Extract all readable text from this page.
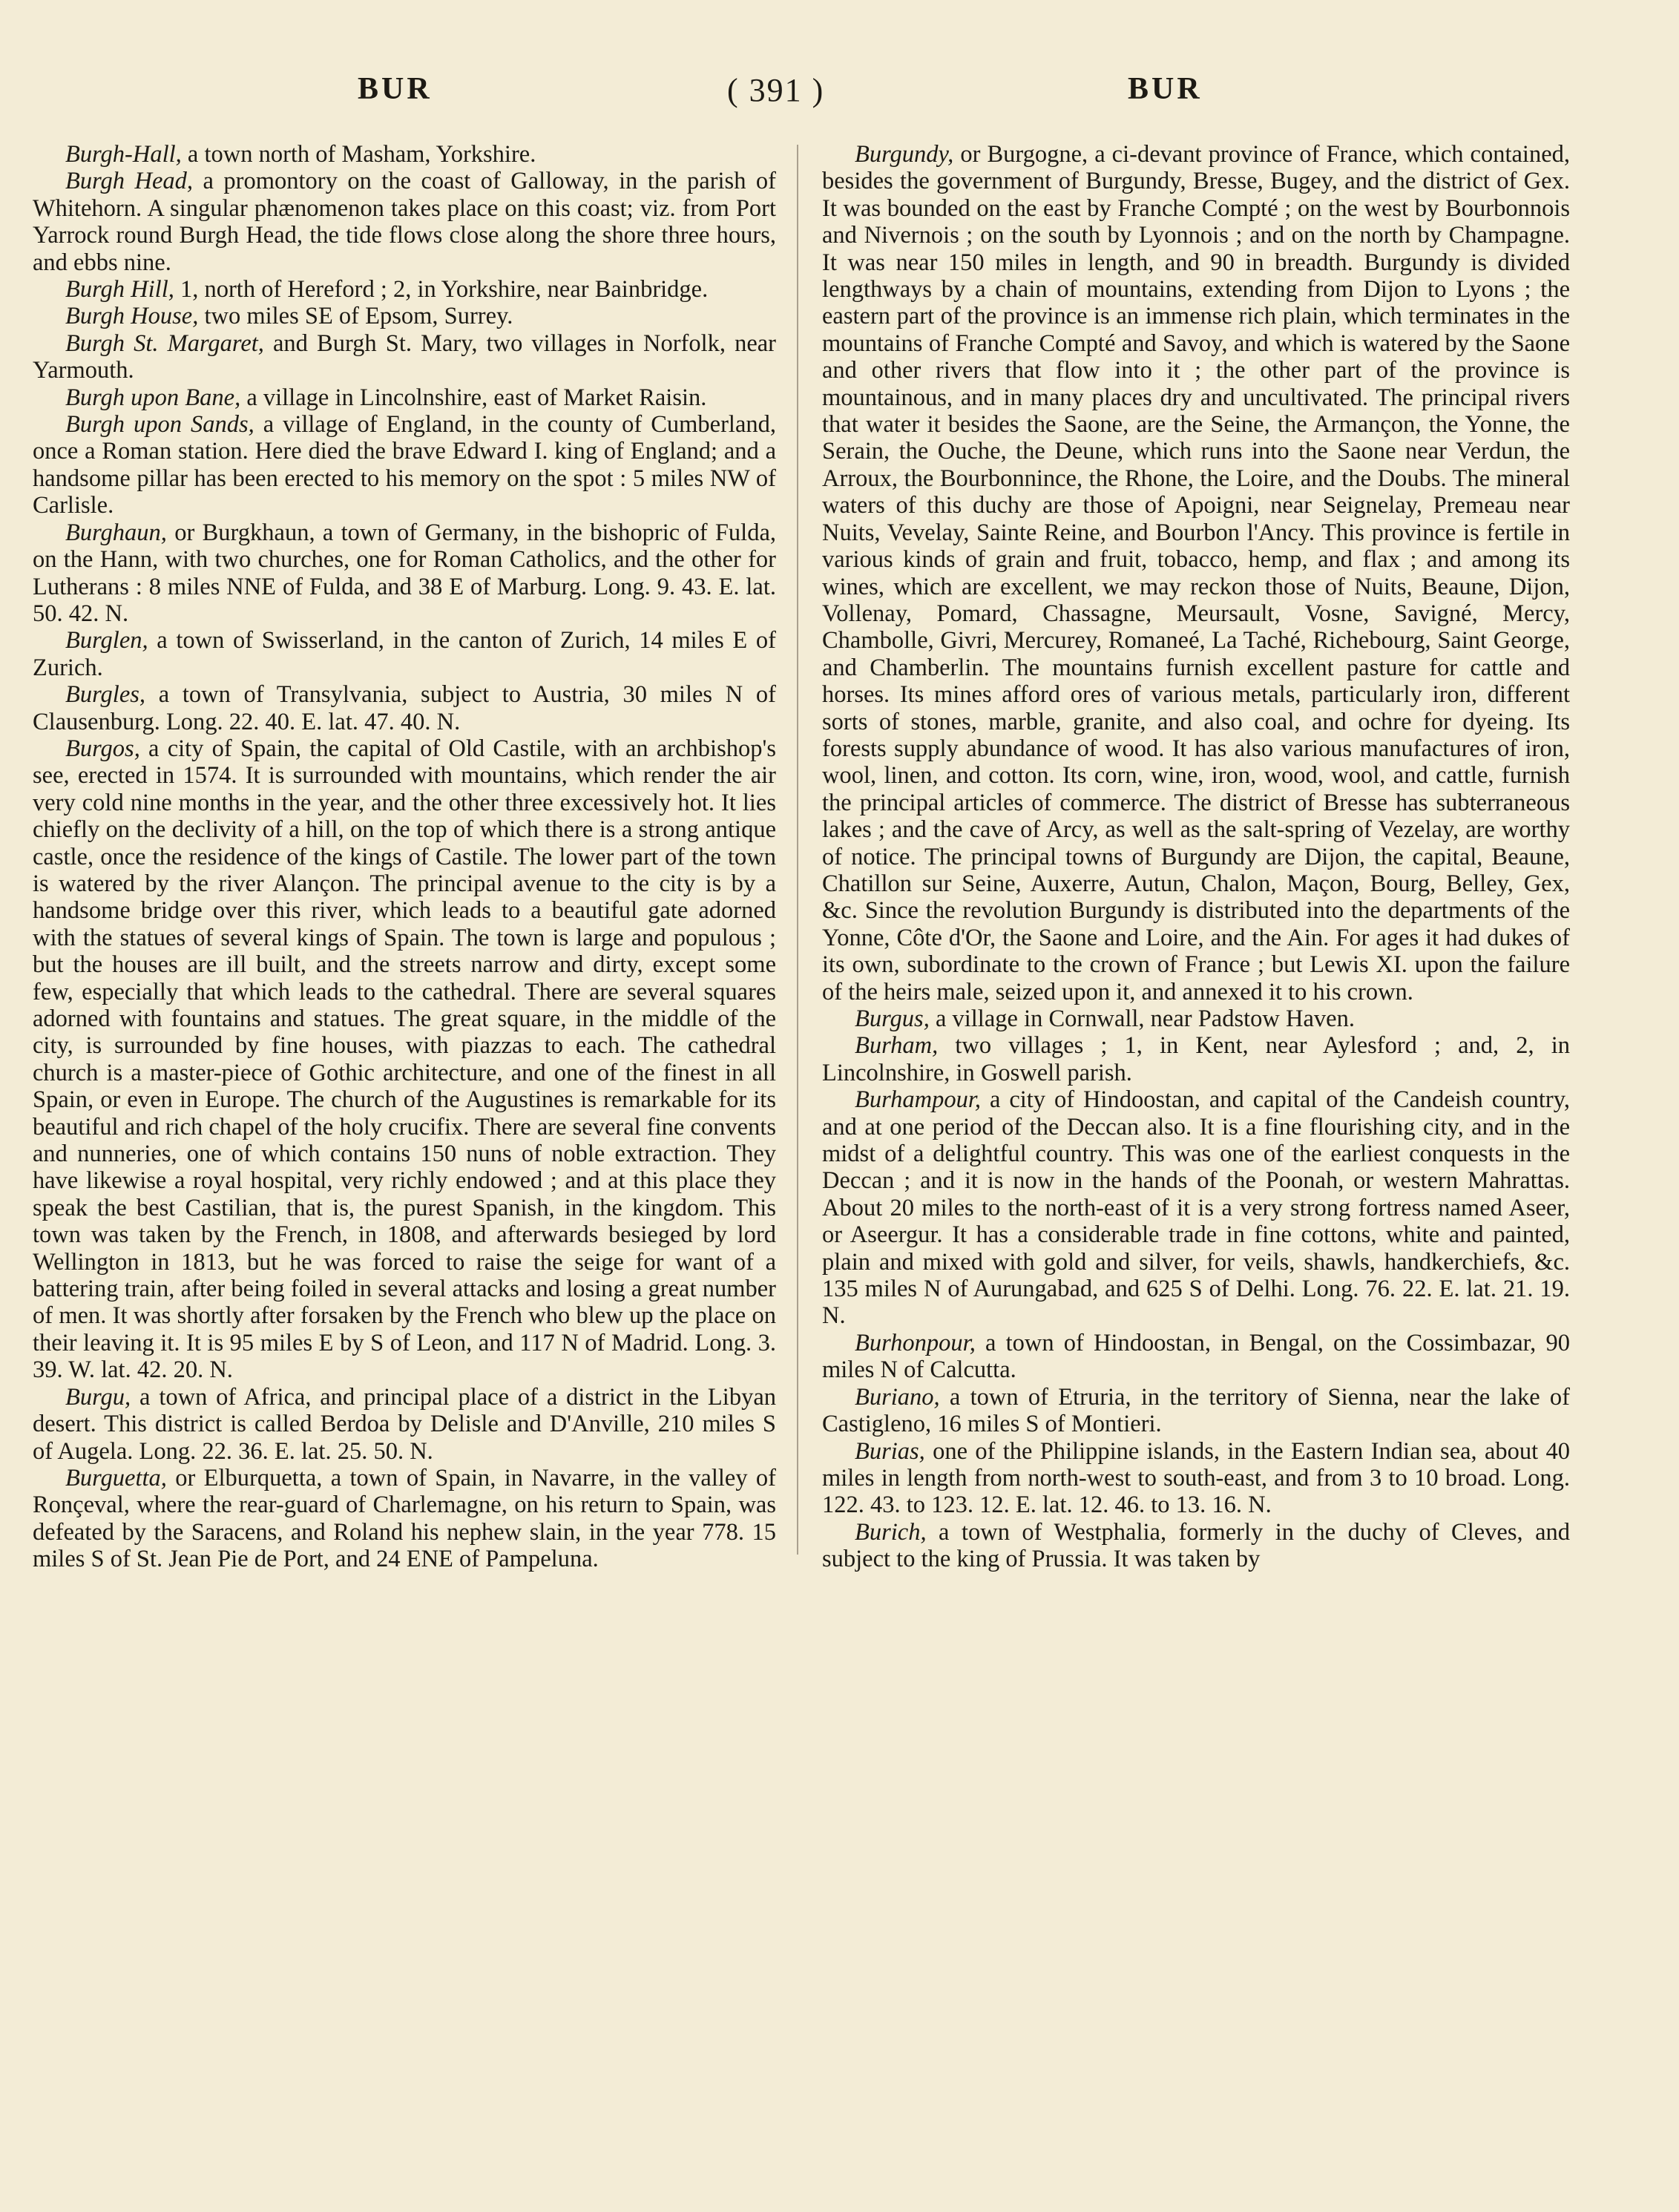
BUR	( 391 )	BUR

Burgh-Hall, a town north of Masham, Yorkshire.

Burgh Head, a promontory on the coast of Galloway, in the parish of Whitehorn. A singular phænomenon takes place on this coast; viz. from Port Yarrock round Burgh Head, the tide flows close along the shore three hours, and ebbs nine.

Burgh Hill, 1, north of Hereford ; 2, in Yorkshire, near Bainbridge.

Burgh House, two miles SE of Epsom, Surrey.

Burgh St. Margaret, and Burgh St. Mary, two villages in Norfolk, near Yarmouth.

Burgh upon Bane, a village in Lincolnshire, east of Market Raisin.

Burgh upon Sands, a village of England, in the county of Cumberland, once a Roman station. Here died the brave Edward I. king of England; and a handsome pillar has been erected to his memory on the spot : 5 miles NW of Carlisle.

Burghaun, or Burgkhaun, a town of Germany, in the bishopric of Fulda, on the Hann, with two churches, one for Roman Catholics, and the other for Lutherans : 8 miles NNE of Fulda, and 38 E of Marburg. Long. 9. 43. E. lat. 50. 42. N.

Burglen, a town of Swisserland, in the canton of Zurich, 14 miles E of Zurich.

Burgles, a town of Transylvania, subject to Austria, 30 miles N of Clausenburg. Long. 22. 40. E. lat. 47. 40. N.

Burgos, a city of Spain, the capital of Old Castile, with an archbishop's see, erected in 1574. It is surrounded with mountains, which render the air very cold nine months in the year, and the other three excessively hot. It lies chiefly on the declivity of a hill, on the top of which there is a strong antique castle, once the residence of the kings of Castile. The lower part of the town is watered by the river Alançon. The principal avenue to the city is by a handsome bridge over this river, which leads to a beautiful gate adorned with the statues of several kings of Spain. The town is large and populous ; but the houses are ill built, and the streets narrow and dirty, except some few, especially that which leads to the cathedral. There are several squares adorned with fountains and statues. The great square, in the middle of the city, is surrounded by fine houses, with piazzas to each. The cathedral church is a master-piece of Gothic architecture, and one of the finest in all Spain, or even in Europe. The church of the Augustines is remarkable for its beautiful and rich chapel of the holy crucifix. There are several fine convents and nunneries, one of which contains 150 nuns of noble extraction. They have likewise a royal hospital, very richly endowed ; and at this place they speak the best Castilian, that is, the purest Spanish, in the kingdom. This town was taken by the French, in 1808, and afterwards besieged by lord Wellington in 1813, but he was forced to raise the seige for want of a battering train, after being foiled in several attacks and losing a great number of men. It was shortly after forsaken by the French who blew up the place on their leaving it. It is 95 miles E by S of Leon, and 117 N of Madrid. Long. 3. 39. W. lat. 42. 20. N.

Burgu, a town of Africa, and principal place of a district in the Libyan desert. This district is called Berdoa by Delisle and D'Anville, 210 miles S of Augela. Long. 22. 36. E. lat. 25. 50. N.

Burguetta, or Elburquetta, a town of Spain, in Navarre, in the valley of Ronçeval, where the rear-guard of Charlemagne, on his return to Spain, was defeated by the Saracens, and Roland his nephew slain, in the year 778. 15 miles S of St. Jean Pie de Port, and 24 ENE of Pampeluna.

Burgundy, or Burgogne, a ci-devant province of France, which contained, besides the government of Burgundy, Bresse, Bugey, and the district of Gex. It was bounded on the east by Franche Compté ; on the west by Bourbonnois and Nivernois ; on the south by Lyonnois ; and on the north by Champagne. It was near 150 miles in length, and 90 in breadth. Burgundy is divided lengthways by a chain of mountains, extending from Dijon to Lyons ; the eastern part of the province is an immense rich plain, which terminates in the mountains of Franche Compté and Savoy, and which is watered by the Saone and other rivers that flow into it ; the other part of the province is mountainous, and in many places dry and uncultivated. The principal rivers that water it besides the Saone, are the Seine, the Armançon, the Yonne, the Serain, the Ouche, the Deune, which runs into the Saone near Verdun, the Arroux, the Bourbonnince, the Rhone, the Loire, and the Doubs. The mineral waters of this duchy are those of Apoigni, near Seignelay, Premeau near Nuits, Vevelay, Sainte Reine, and Bourbon l'Ancy. This province is fertile in various kinds of grain and fruit, tobacco, hemp, and flax ; and among its wines, which are excellent, we may reckon those of Nuits, Beaune, Dijon, Vollenay, Pomard, Chassagne, Meursault, Vosne, Savigné, Mercy, Chambolle, Givri, Mercurey, Romaneé, La Taché, Richebourg, Saint George, and Chamberlin. The mountains furnish excellent pasture for cattle and horses. Its mines afford ores of various metals, particularly iron, different sorts of stones, marble, granite, and also coal, and ochre for dyeing. Its forests supply abundance of wood. It has also various manufactures of iron, wool, linen, and cotton. Its corn, wine, iron, wood, wool, and cattle, furnish the principal articles of commerce. The district of Bresse has subterraneous lakes ; and the cave of Arcy, as well as the salt-spring of Vezelay, are worthy of notice. The principal towns of Burgundy are Dijon, the capital, Beaune, Chatillon sur Seine, Auxerre, Autun, Chalon, Maçon, Bourg, Belley, Gex, &c. Since the revolution Burgundy is distributed into the departments of the Yonne, Côte d'Or, the Saone and Loire, and the Ain. For ages it had dukes of its own, subordinate to the crown of France ; but Lewis XI. upon the failure of the heirs male, seized upon it, and annexed it to his crown.

Burgus, a village in Cornwall, near Padstow Haven.

Burham, two villages ; 1, in Kent, near Aylesford ; and, 2, in Lincolnshire, in Goswell parish.

Burhampour, a city of Hindoostan, and capital of the Candeish country, and at one period of the Deccan also. It is a fine flourishing city, and in the midst of a delightful country. This was one of the earliest conquests in the Deccan ; and it is now in the hands of the Poonah, or western Mahrattas. About 20 miles to the north-east of it is a very strong fortress named Aseer, or Aseergur. It has a considerable trade in fine cottons, white and painted, plain and mixed with gold and silver, for veils, shawls, handkerchiefs, &c. 135 miles N of Aurungabad, and 625 S of Delhi. Long. 76. 22. E. lat. 21. 19. N.

Burhonpour, a town of Hindoostan, in Bengal, on the Cossimbazar, 90 miles N of Calcutta.

Buriano, a town of Etruria, in the territory of Sienna, near the lake of Castigleno, 16 miles S of Montieri.

Burias, one of the Philippine islands, in the Eastern Indian sea, about 40 miles in length from north-west to south-east, and from 3 to 10 broad. Long. 122. 43. to 123. 12. E. lat. 12. 46. to 13. 16. N.

Burich, a town of Westphalia, formerly in the duchy of Cleves, and subject to the king of Prussia. It was taken by
